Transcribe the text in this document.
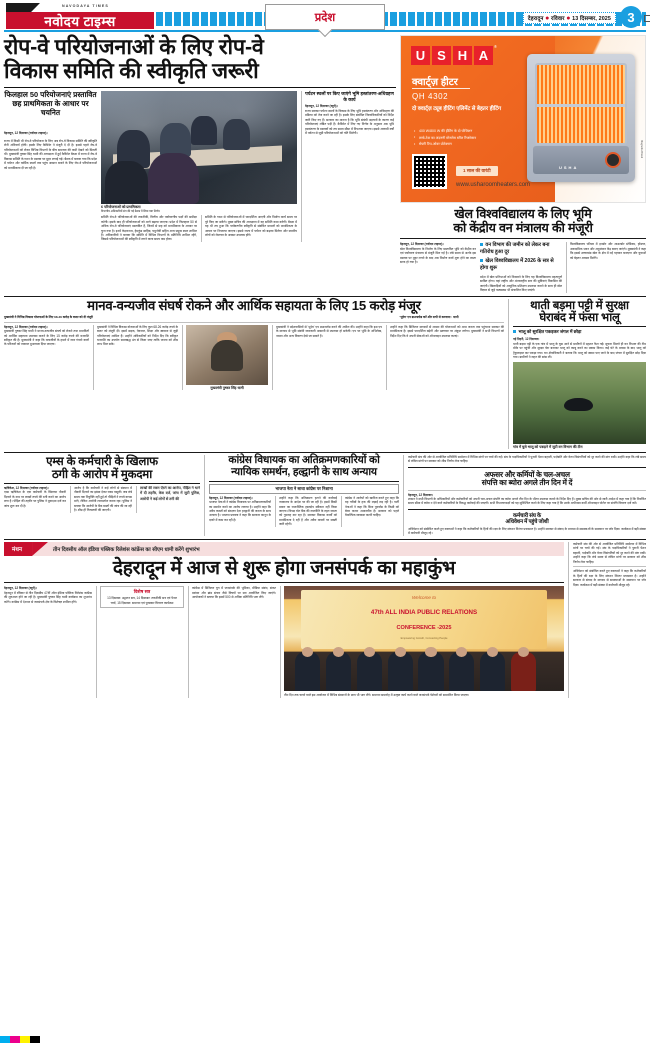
NAVODAYA TIMES
नवोदय टाइम्स	प्रदेश	देहरादून ● रविवार ● 13 दिसम्बर, 2025	3
रोप-वे परियोजनाओं के लिए रोप-वे
विकास समिति की स्वीकृति जरूरी
फिलहाल 50 परियोजनाएं प्रस्तावित छह प्राथमिकता के आधार पर चयनित
देहरादून, 12 दिसम्बर (नवोदय टाइम्स)।
राज्य में किसी भी रोप-वे परियोजना के लिए अब रोप-वे विकास समिति की स्वीकृति लेनी अनिवार्य होगी। इसके लिए कैबिनेट ने मंजूरी दे दी है। इससे पहले रोप-वे परियोजनाओं को लेकर विभिन्न विभागों के बीच समन्वय की कमी देखने को मिलती थी। मुख्यमंत्री पुष्कर सिंह धामी की अध्यक्षता में हुई कैबिनेट बैठक में राज्य में रोप-वे विकास समिति के गठन के प्रस्ताव पर मुहर लगाई गई। बैठक में बताया गया कि प्रदेश में पर्यटन और धार्मिक स्थलों तक पहुंच आसान बनाने के लिए रोप-वे परियोजनाओं को प्राथमिकता दी जा रही है।
6 परियोजनाओं को प्राथमिकता
विभागीय अधिकारियों संग की गई बैठक में लिया गया निर्णय
समिति रोप-वे परियोजनाओं की तकनीकी, वित्तीय और पर्यावरणीय पक्षों की समीक्षा करेगी। इसके बाद ही परियोजनाओं को आगे बढ़ाया जाएगा। प्रदेश में फिलहाल 50 से अधिक रोप-वे परियोजनाएं प्रस्तावित हैं, जिनमें से छह को प्राथमिकता के आधार पर चुना गया है। इनमें केदारनाथ, हेमकुंड साहिब, यमुनोत्री सहित अन्य प्रमुख स्थल शामिल हैं। अधिकारियों ने बताया कि समिति में विभिन्न विभागों के प्रतिनिधि शामिल रहेंगे, जिससे परियोजनाओं की स्वीकृति में लगने वाला समय कम होगा।
समिति के गठन से परियोजनाओं में पारदर्शिता आएगी और निर्माण कार्य समय पर पूरे किए जा सकेंगे। मुख्य सचिव की अध्यक्षता में यह समिति काम करेगी। बैठक में यह भी तय हुआ कि पर्यावरणीय स्वीकृति से संबंधित मामलों को प्राथमिकता के आधार पर निपटाया जाएगा। इससे राज्य में पर्यटन को बढ़ावा मिलेगा और स्थानीय लोगों को रोजगार के अवसर उपलब्ध होंगे।
पर्यटन स्थलों पर किए जाएंगे भूमि हस्तांतरण-अधिग्रहण के कार्य
देहरादून, 12 दिसम्बर (ब्यूरो)।
राज्य सरकार पर्यटन स्थलों के विकास के लिए भूमि हस्तांतरण और अधिग्रहण की प्रक्रिया को तेज करने जा रही है। इसके लिए संबंधित जिलाधिकारियों को निर्देश जारी किए गए हैं। सरकार का मानना है कि भूमि संबंधी अड़चनों के कारण कई परियोजनाएं लंबित पड़ी हैं। कैबिनेट में लिए गए निर्णय के अनुसार अब भूमि हस्तांतरण के प्रस्तावों को तय समय सीमा में निपटाया जाएगा। इससे आगामी वर्षों में पर्यटन से जुड़ी परियोजनाओं को गति मिलेगी।
U S H A
®
क्वार्ट्ज़ हीटर
QH 4302
दो क्वार्ट्ज़ ट्यूब हीटिंग एलिमेंट से बेहतर हीटिंग
• 400 W/800 W की हीटिंग के दो पोजिशन
• लम्बे-टेक का अंदरुनी स्टेनलेस स्टील रिफ्लेक्टर
• सेफ्टी टिप-ओवर प्रोटेक्शन
1 साल की वारंटी
www.usharoomheaters.com
USHA
Magnolia Brand
खेल विश्वविद्यालय के लिए भूमि
को केंद्रीय वन मंत्रालय की मंजूरी
देहरादून, 12 दिसम्बर (नवोदय टाइम्स)।
खेल विश्वविद्यालय के निर्माण के लिए प्रस्तावित भूमि को केंद्रीय वन एवं पर्यावरण मंत्रालय से मंजूरी मिल गई है। लंबे समय से अटके इस प्रस्ताव पर मुहर लगने के बाद अब निर्माण कार्य शुरू होने का रास्ता साफ हो गया है।
वन विभाग की जमीन को लेकर बना गतिरोध हुआ दूर
खेल विश्वविद्यालय में 2026 के सत्र से होगा शुरू
प्रदेश में खेल प्रतिभाओं को निखारने के लिए यह विश्वविद्यालय महत्वपूर्ण साबित होगा। यहां राष्ट्रीय और अंतरराष्ट्रीय स्तर की सुविधाएं विकसित की जाएंगी। खिलाड़ियों को आधुनिक प्रशिक्षण उपलब्ध कराने के साथ ही खेल विज्ञान से जुड़े पाठ्यक्रम भी संचालित किए जाएंगे।
विश्वविद्यालय परिसर में इनडोर और आउटडोर स्टेडियम, हॉस्टल, अकादमिक भवन और अनुसंधान केंद्र बनाए जाएंगे। मुख्यमंत्री ने कहा कि इससे उत्तराखंड खेल के क्षेत्र में नई पहचान बनाएगा और युवाओं को बेहतर अवसर मिलेंगे।
मानव-वन्यजीव संघर्ष रोकने और आर्थिक सहायता के लिए 15 करोड़ मंजूर
मुख्यमंत्री ने विभिन्न विकास योजनाओं के लिए 68.26 करोड़ के बजट को दी मंजूरी	'भूदेव' एप डाउनलोड करें और सभी से करवाया : धामी
देहरादून, 12 दिसम्बर (नवोदय टाइम्स)।
मुख्यमंत्री पुष्कर सिंह धामी ने मानव-वन्यजीव संघर्ष को रोकने तथा प्रभावितों को आर्थिक सहायता उपलब्ध कराने के लिए 15 करोड़ रुपये की धनराशि स्वीकृत की है। मुख्यमंत्री ने कहा कि वन्यजीवों के हमले में जान गंवाने वालों के परिजनों को तत्काल मुआवजा दिया जाएगा।
मुख्यमंत्री ने विभिन्न विकास योजनाओं के लिए कुल 68.26 करोड़ रुपये के बजट को मंजूरी दी। इसमें सड़क, पेयजल, शिक्षा और स्वास्थ्य से जुड़ी परियोजनाएं शामिल हैं। उन्होंने अधिकारियों को निर्देश दिए कि स्वीकृत धनराशि का उपयोग समयबद्ध ढंग से किया जाए ताकि जनता को शीघ्र लाभ मिल सके।
मुख्यमंत्री पुष्कर सिंह धामी
मुख्यमंत्री ने प्रदेशवासियों से 'भूदेव' एप डाउनलोड करने की अपील की। उन्होंने कहा कि इस एप के माध्यम से भूमि संबंधी जानकारी आसानी से उपलब्ध हो सकेगी। एप पर भूमि के अभिलेख, नक्शा और अन्य विवरण देखे जा सकते हैं।
उन्होंने कहा कि डिजिटल माध्यमों से शासन की योजनाओं को आम जनता तक पहुंचाना सरकार की प्राथमिकता है। इससे पारदर्शिता बढ़ेगी और भ्रष्टाचार पर अंकुश लगेगा। मुख्यमंत्री ने सभी विभागों को निर्देश दिए कि वे अपनी सेवाओं को ऑनलाइन उपलब्ध कराएं।
थाती बड़मा पट्टी में सुरक्षा
घेराबंद में फंसा भालू
भालू को सुरक्षित पकड़कर जंगल में छोड़ा
नई टिहरी, 12 दिसम्बर।
थाती बड़मा पट्टी के एक गांव में भालू के घुस आने से ग्रामीणों में दहशत फैल गई। सूचना मिलते ही वन विभाग की टीम मौके पर पहुंची और सुरक्षा घेरा बनाकर भालू को काबू करने का प्रयास किया। कई घंटे के प्रयास के बाद भालू को ट्रेंकुलाइज कर पकड़ा गया। वन क्षेत्राधिकारी ने बताया कि भालू को स्वस्थ पाए जाने के बाद जंगल में सुरक्षित छोड़ दिया गया। ग्रामीणों ने राहत की सांस ली।
गांव में घुसे भालू को पकड़ने में जुटी वन विभाग की टीम
एम्स के कर्मचारी के खिलाफ
ठगी के आरोप में मुकदमा
ऋषिकेश, 12 दिसम्बर (नवोदय टाइम्स)।
एम्स ऋषिकेश के एक कर्मचारी के खिलाफ नौकरी दिलाने के नाम पर लाखों रुपये की ठगी करने का आरोप लगा है। पीड़ित की तहरीर पर पुलिस ने मुकदमा दर्ज कर जांच शुरू कर दी है।
आरोप है कि कर्मचारी ने कई लोगों से संस्थान में नौकरी दिलाने का झांसा देकर रकम वसूली। जब लंबे समय तक नियुक्ति नहीं हुई तो पीड़ितों ने रुपये वापस मांगे, लेकिन आरोपी टालमटोल करता रहा। पुलिस ने बताया कि आरोपी के बैंक खातों की जांच की जा रही है। शीघ्र ही गिरफ्तारी की जाएगी।
लाखों की रकम ऐंठने का आरोप, पीड़ित ने थाने में दी तहरीर, केस दर्ज, जांच में जुटी पुलिस, आरोपी ने कई लोगों से ठगी की
कांग्रेस विधायक का अतिक्रमणकारियों को
न्यायिक समर्थन, हल्द्वानी के साथ अन्याय
भाजपा नेता ने साधा कांग्रेस पर निशाना
देहरादून, 12 दिसम्बर (नवोदय टाइम्स)।
भाजपा नेताओं ने कांग्रेस विधायक पर अतिक्रमणकारियों का समर्थन करने का आरोप लगाया है। उन्होंने कहा कि अवैध कब्जों को संरक्षण देना हल्द्वानी की जनता के साथ अन्याय है। भाजपा प्रवक्ता ने कहा कि सरकार कानून के दायरे में काम कर रही है।
उन्होंने कहा कि अतिक्रमण हटाने की कार्रवाई न्यायालय के आदेश पर की जा रही है। इसमें किसी प्रकार का राजनीतिक हस्तक्षेप स्वीकार नहीं किया जाएगा। विपक्ष वोट बैंक की राजनीति के तहत जनता को गुमराह कर रहा है। सरकार विकास कार्यों को प्राथमिकता दे रही है और अवैध कब्जों पर सख्ती जारी रहेगी।
कांग्रेस ने आरोपों को खारिज करते हुए कहा कि वह गरीबों के हक की लड़ाई लड़ रही है। पार्टी नेताओं ने कहा कि बिना पुनर्वास के किसी को बेघर करना अमानवीय है। सरकार को पहले वैकल्पिक व्यवस्था करनी चाहिए।
कर्मचारी संघ की ओर से आयोजित प्रतिनिधि सम्मेलन में विभिन्न मांगों पर चर्चा की गई। संघ के पदाधिकारियों ने पुरानी पेंशन बहाली, पदोन्नति और वेतन विसंगतियों को दूर करने की मांग रखी। उन्होंने कहा कि लंबे समय से लंबित मांगों पर सरकार को शीघ्र निर्णय लेना चाहिए।
अफसर और कर्मियों के चल-अचल
संपत्ति का ब्योरा अगले तीन दिन में दें
देहरादून, 12 दिसम्बर।
शासन ने सभी विभागों के अधिकारियों और कर्मचारियों को अपनी चल-अचल संपत्ति का ब्योरा अगले तीन दिन के भीतर उपलब्ध कराने के निर्देश दिए हैं। मुख्य सचिव की ओर से जारी आदेश में कहा गया है कि निर्धारित समय सीमा में ब्योरा न देने वाले कर्मचारियों के विरुद्ध कार्रवाई की जाएगी। सभी विभागाध्यक्षों को यह सुनिश्चित करने के लिए कहा गया है कि उनके अधीनस्थ कर्मी ऑनलाइन पोर्टल पर संपत्ति विवरण दर्ज करें।
कर्मचारी संघ के
अधिवेशन में पहुंचे जोशी
अधिवेशन को संबोधित करते हुए वक्ताओं ने कहा कि कर्मचारियों के हितों की रक्षा के लिए संगठन निरंतर प्रयासरत है। उन्होंने सरकार से संवाद के माध्यम से समस्याओं के समाधान पर जोर दिया। कार्यक्रम में बड़ी संख्या में कर्मचारी मौजूद रहे।
मंथन	तीन दिवसीय ऑल इंडिया पब्लिक रिलेशंस कांफ्रेंस का सीएम धामी करेंगे शुभारंभ
देहरादून में आज से शुरू होगा जनसंपर्क का महाकुंभ
देहरादून, 12 दिसम्बर (ब्यूरो)।
देहरादून में रविवार से तीन दिवसीय 47वीं ऑल इंडिया पब्लिक रिलेशंस कांफ्रेंस की शुरुआत होने जा रही है। मुख्यमंत्री पुष्कर सिंह धामी कार्यक्रम का शुभारंभ करेंगे। कांफ्रेंस में देशभर से जनसंपर्क क्षेत्र के विशेषज्ञ शामिल होंगे।
विशेष सत्र
13 दिसम्बर: उद्घाटन सत्र, 14 दिसम्बर: तकनीकी सत्र एवं पैनल चर्चा, 15 दिसम्बर: समापन एवं पुरस्कार वितरण कार्यक्रम
कांफ्रेंस में डिजिटल युग में जनसंपर्क की भूमिका, मीडिया संबंध, संकट प्रबंधन और ब्रांड संचार जैसे विषयों पर सत्र आयोजित किए जाएंगे। आयोजकों ने बताया कि इसमें 500 से अधिक प्रतिनिधि भाग लेंगे।	Welcome to
47th ALL INDIA PUBLIC RELATIONS
CONFERENCE -2025
Empowering Growth, Connecting People
तीन दिन तक चलने वाले इस आयोजन में विभिन्न संस्थानों के छात्र भी भाग लेंगे। समापन समारोह में उत्कृष्ट कार्य करने वाले जनसंपर्क पेशेवरों को सम्मानित किया जाएगा।
कर्मचारी संघ की ओर से आयोजित प्रतिनिधि सम्मेलन में विभिन्न मांगों पर चर्चा की गई। संघ के पदाधिकारियों ने पुरानी पेंशन बहाली, पदोन्नति और वेतन विसंगतियों को दूर करने की मांग रखी। उन्होंने कहा कि लंबे समय से लंबित मांगों पर सरकार को शीघ्र निर्णय लेना चाहिए।
अधिवेशन को संबोधित करते हुए वक्ताओं ने कहा कि कर्मचारियों के हितों की रक्षा के लिए संगठन निरंतर प्रयासरत है। उन्होंने सरकार से संवाद के माध्यम से समस्याओं के समाधान पर जोर दिया। कार्यक्रम में बड़ी संख्या में कर्मचारी मौजूद रहे।
